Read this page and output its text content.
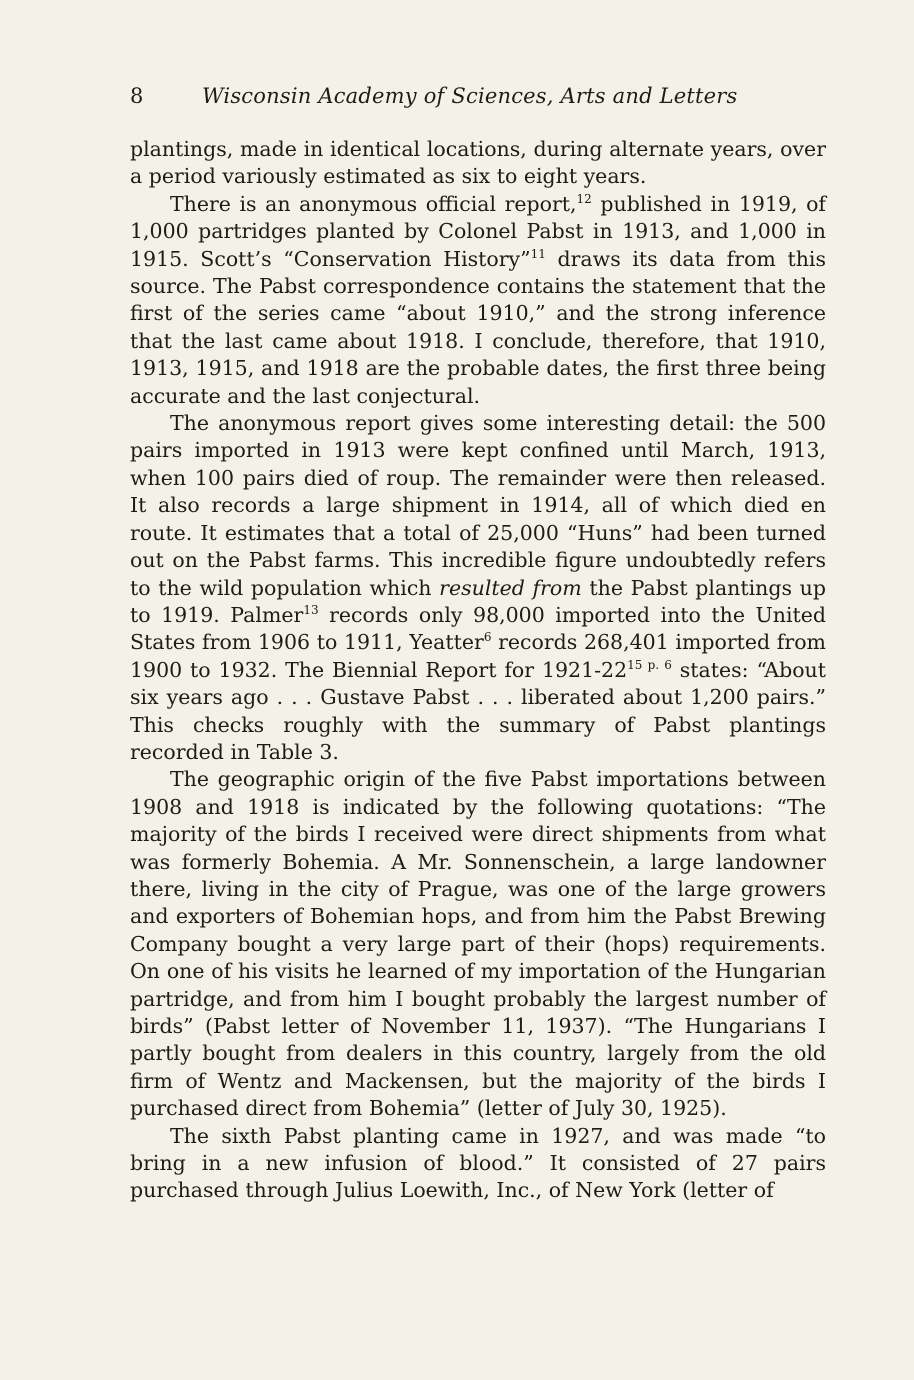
8	Wisconsin Academy of Sciences, Arts and Letters

plantings, made in identical locations, during alternate years, over a period variously estimated as six to eight years.

There is an anonymous official report,$^{12}$ published in 1919, of 1,000 partridges planted by Colonel Pabst in 1913, and 1,000 in 1915. Scott’s “Conservation History”$^{11}$ draws its data from this source. The Pabst correspondence contains the statement that the first of the series came “about 1910,” and the strong inference that the last came about 1918. I conclude, therefore, that 1910, 1913, 1915, and 1918 are the probable dates, the first three being accurate and the last conjectural.

The anonymous report gives some interesting detail: the 500 pairs imported in 1913 were kept confined until March, 1913, when 100 pairs died of roup. The remainder were then released. It also records a large shipment in 1914, all of which died en route. It estimates that a total of 25,000 “Huns” had been turned out on the Pabst farms. This incredible figure undoubtedly refers to the wild population which resulted from the Pabst plantings up to 1919. Palmer$^{13}$ records only 98,000 imported into the United States from 1906 to 1911, Yeatter$^6$ records 268,401 imported from 1900 to 1932. The Biennial Report for $1921-22^{15 p. 6}$ states: “About six years ago . . . Gustave Pabst . . . liberated about 1,200 pairs.” This checks roughly with the summary of Pabst plantings recorded in Table 3.

The geographic origin of the five Pabst importations between 1908 and 1918 is indicated by the following quotations: “The majority of the birds I received were direct shipments from what was formerly Bohemia. A Mr. Sonnenschein, a large landowner there, living in the city of Prague, was one of the large growers and exporters of Bohemian hops, and from him the Pabst Brewing Company bought a very large part of their (hops) requirements. On one of his visits he learned of my importation of the Hungarian partridge, and from him I bought probably the largest number of birds” (Pabst letter of November 11, 1937). “The Hungarians I partly bought from dealers in this country, largely from the old firm of Wentz and Mackensen, but the majority of the birds I purchased direct from Bohemia” (letter of July 30, 1925).

The sixth Pabst planting came in 1927, and was made “to bring in a new infusion of blood.” It consisted of 27 pairs purchased through Julius Loewith, Inc., of New York (letter of
